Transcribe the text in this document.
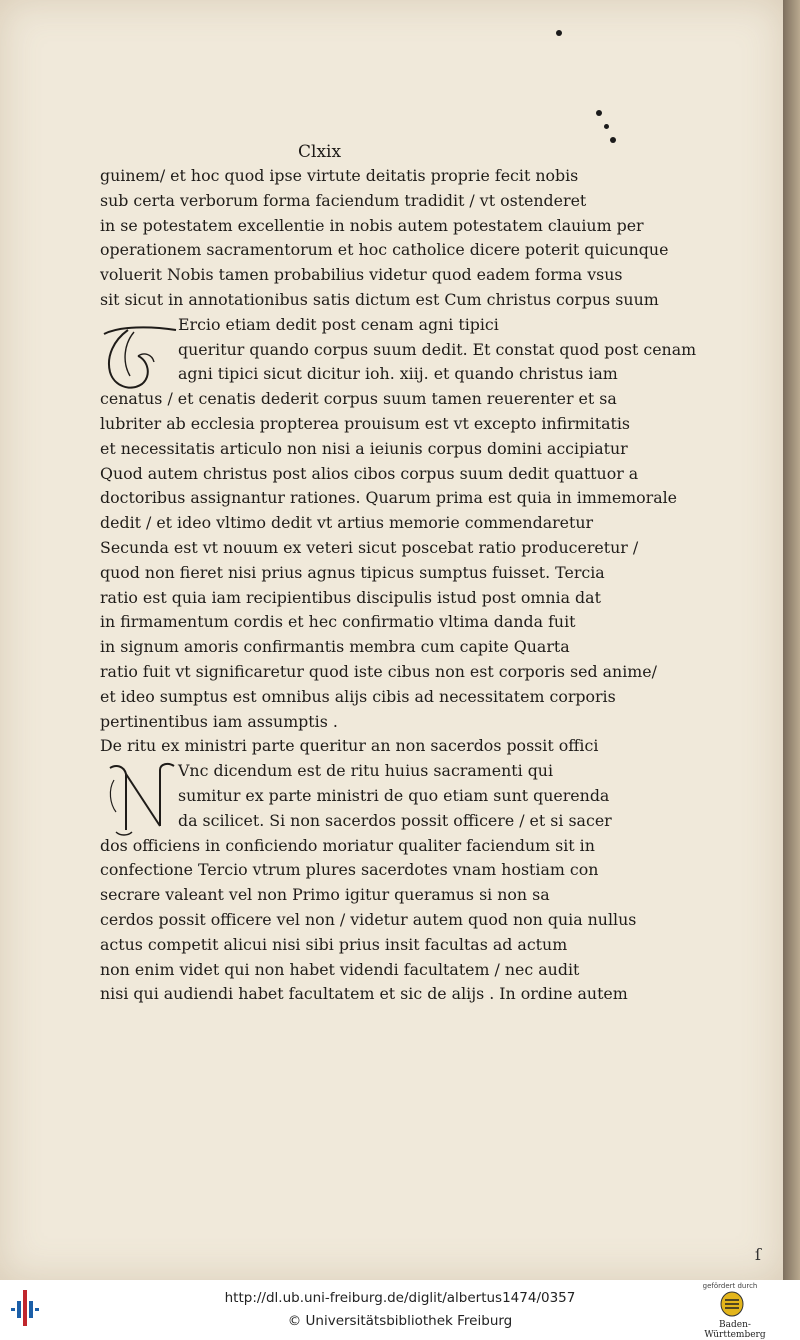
Clxix
guinem/ et hoc quod ipse virtute deitatis proprie fecit nobis
sub certa verborum forma faciendum tradidit / vt ostenderet
in se potestatem excellentie in nobis autem potestatem clauium per
operationem sacramentorum et hoc catholice dicere poterit quicunque
voluerit Nobis tamen probabilius videtur quod eadem forma vsus
sit sicut in annotationibus satis dictum est Cum christus corpus suum
Ercio etiam dedit post cenam agni tipici
queritur quando corpus suum dedit. Et constat quod post cenam
agni tipici sicut dicitur ioh. xiij. et quando christus iam
cenatus / et cenatis dederit corpus suum tamen reuerenter et sa
lubriter ab ecclesia propterea prouisum est vt excepto infirmitatis
et necessitatis articulo non nisi a ieiunis corpus domini accipiatur
Quod autem christus post alios cibos corpus suum dedit quattuor a
doctoribus assignantur rationes. Quarum prima est quia in immemorale
dedit / et ideo vltimo dedit vt artius memorie commendaretur
Secunda est vt nouum ex veteri sicut poscebat ratio produceretur /
quod non fieret nisi prius agnus tipicus sumptus fuisset. Tercia
ratio est quia iam recipientibus discipulis istud post omnia dat
in firmamentum cordis et hec confirmatio vltima danda fuit
in signum amoris confirmantis membra cum capite Quarta
ratio fuit vt significaretur quod iste cibus non est corporis sed anime/
et ideo sumptus est omnibus alijs cibis ad necessitatem corporis
pertinentibus iam assumptis .
De ritu ex ministri parte queritur an non sacerdos possit offici
Vnc dicendum est de ritu huius sacramenti qui
sumitur ex parte ministri de quo etiam sunt querenda
da scilicet. Si non sacerdos possit officere / et si sacer
dos officiens in conficiendo moriatur qualiter faciendum sit in
confectione Tercio vtrum plures sacerdotes vnam hostiam con
secrare valeant vel non Primo igitur queramus si non sa
cerdos possit officere vel non / videtur autem quod non quia nullus
actus competit alicui nisi sibi prius insit facultas ad actum
non enim videt qui non habet videndi facultatem / nec audit
nisi qui audiendi habet facultatem et sic de alijs . In ordine autem
ſ
http://dl.ub.uni-freiburg.de/diglit/albertus1474/0357
© Universitätsbibliothek Freiburg
gefördert durch
Baden-Württemberg
